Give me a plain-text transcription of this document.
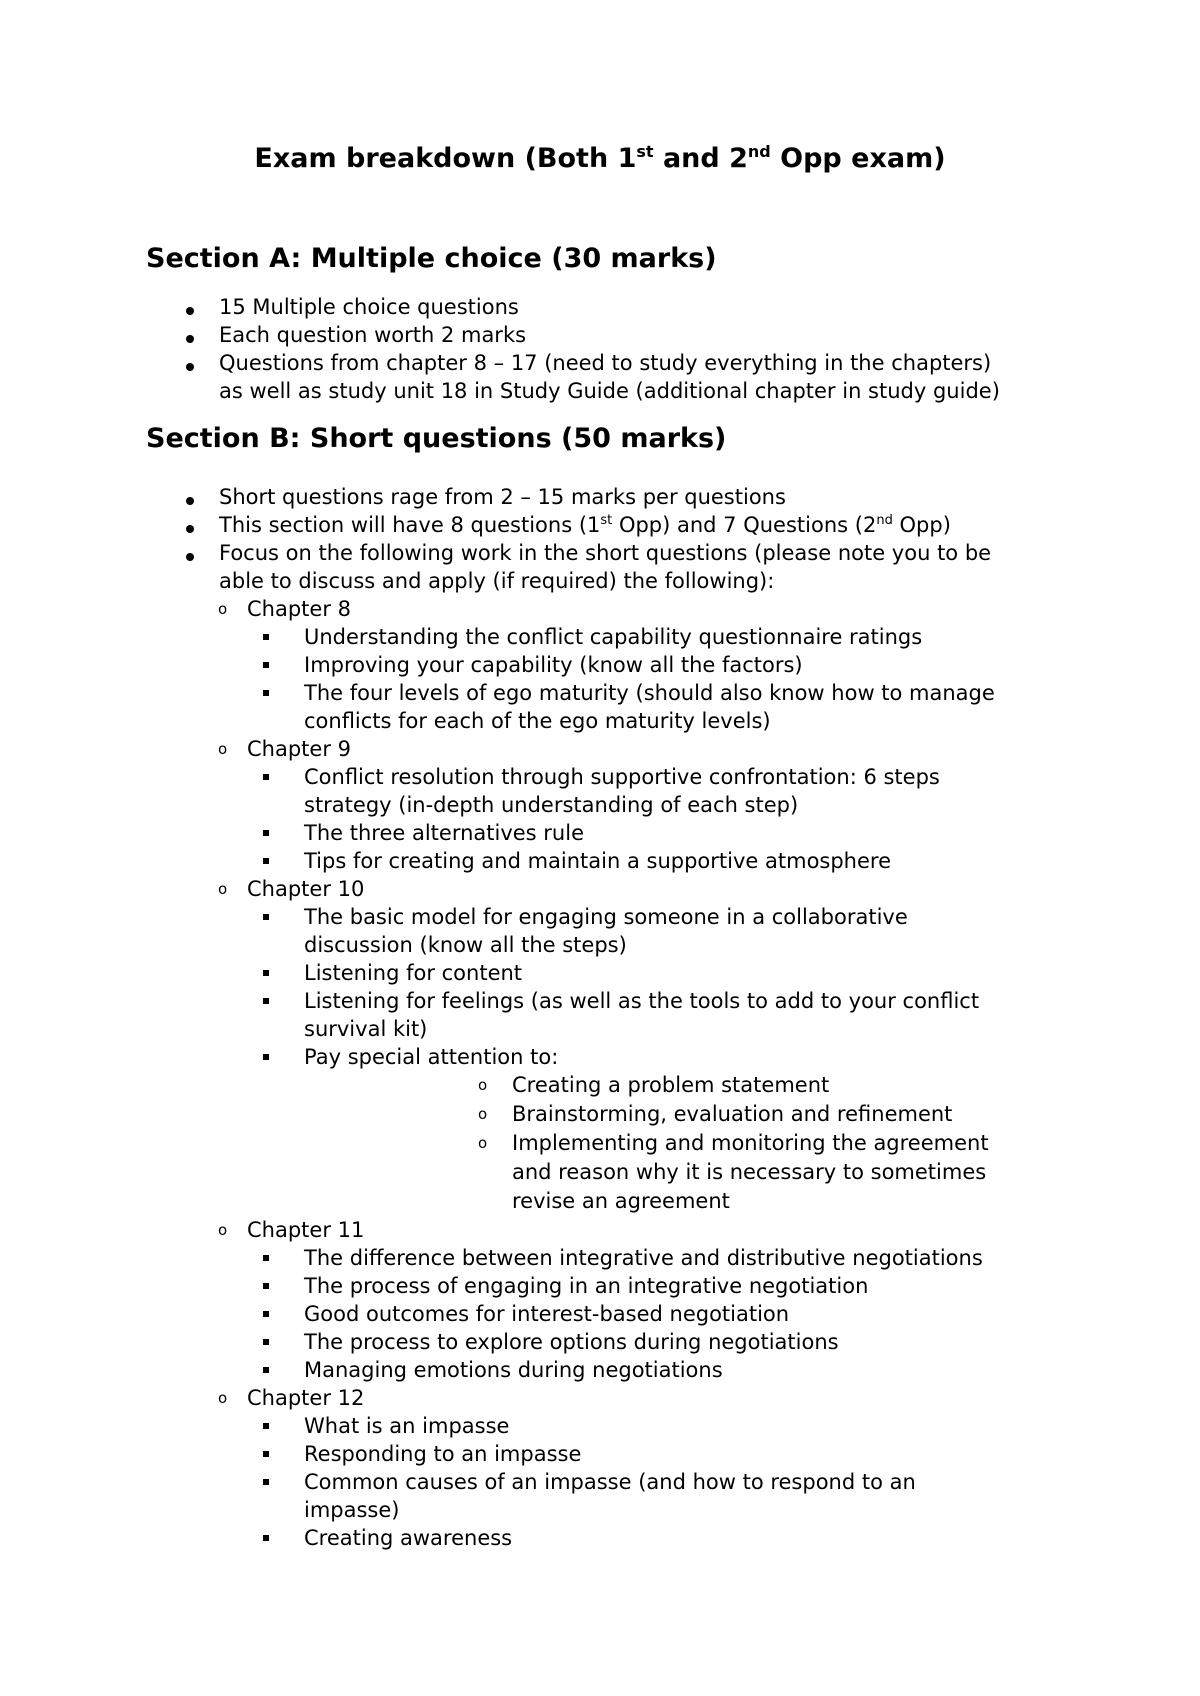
Exam breakdown (Both 1st and 2nd Opp exam)
Section A: Multiple choice (30 marks)

15 Multiple choice questions

Each question worth 2 marks

Questions from chapter 8 – 17 (need to study everything in the chapters)

as well as study unit 18 in Study Guide (additional chapter in study guide)

Section B: Short questions (50 marks)

Short questions rage from 2 – 15 marks per questions

This section will have 8 questions (1st Opp) and 7 Questions (2nd Opp)

Focus on the following work in the short questions (please note you to be

able to discuss and apply (if required) the following):

o Chapter 8

Understanding the conflict capability questionnaire ratings

Improving your capability (know all the factors)

The four levels of ego maturity (should also know how to manage

conflicts for each of the ego maturity levels)

o Chapter 9

Conflict resolution through supportive confrontation: 6 steps

strategy (in-depth understanding of each step)

The three alternatives rule

Tips for creating and maintain a supportive atmosphere

o Chapter 10

The basic model for engaging someone in a collaborative

discussion (know all the steps)

Listening for content

Listening for feelings (as well as the tools to add to your conflict

survival kit)

Pay special attention to:

o Creating a problem statement

o Brainstorming, evaluation and refinement

o Implementing and monitoring the agreement

and reason why it is necessary to sometimes

revise an agreement

o Chapter 11

The difference between integrative and distributive negotiations

The process of engaging in an integrative negotiation

Good outcomes for interest-based negotiation

The process to explore options during negotiations

Managing emotions during negotiations

o Chapter 12

What is an impasse

Responding to an impasse

Common causes of an impasse (and how to respond to an

impasse)

Creating awareness
